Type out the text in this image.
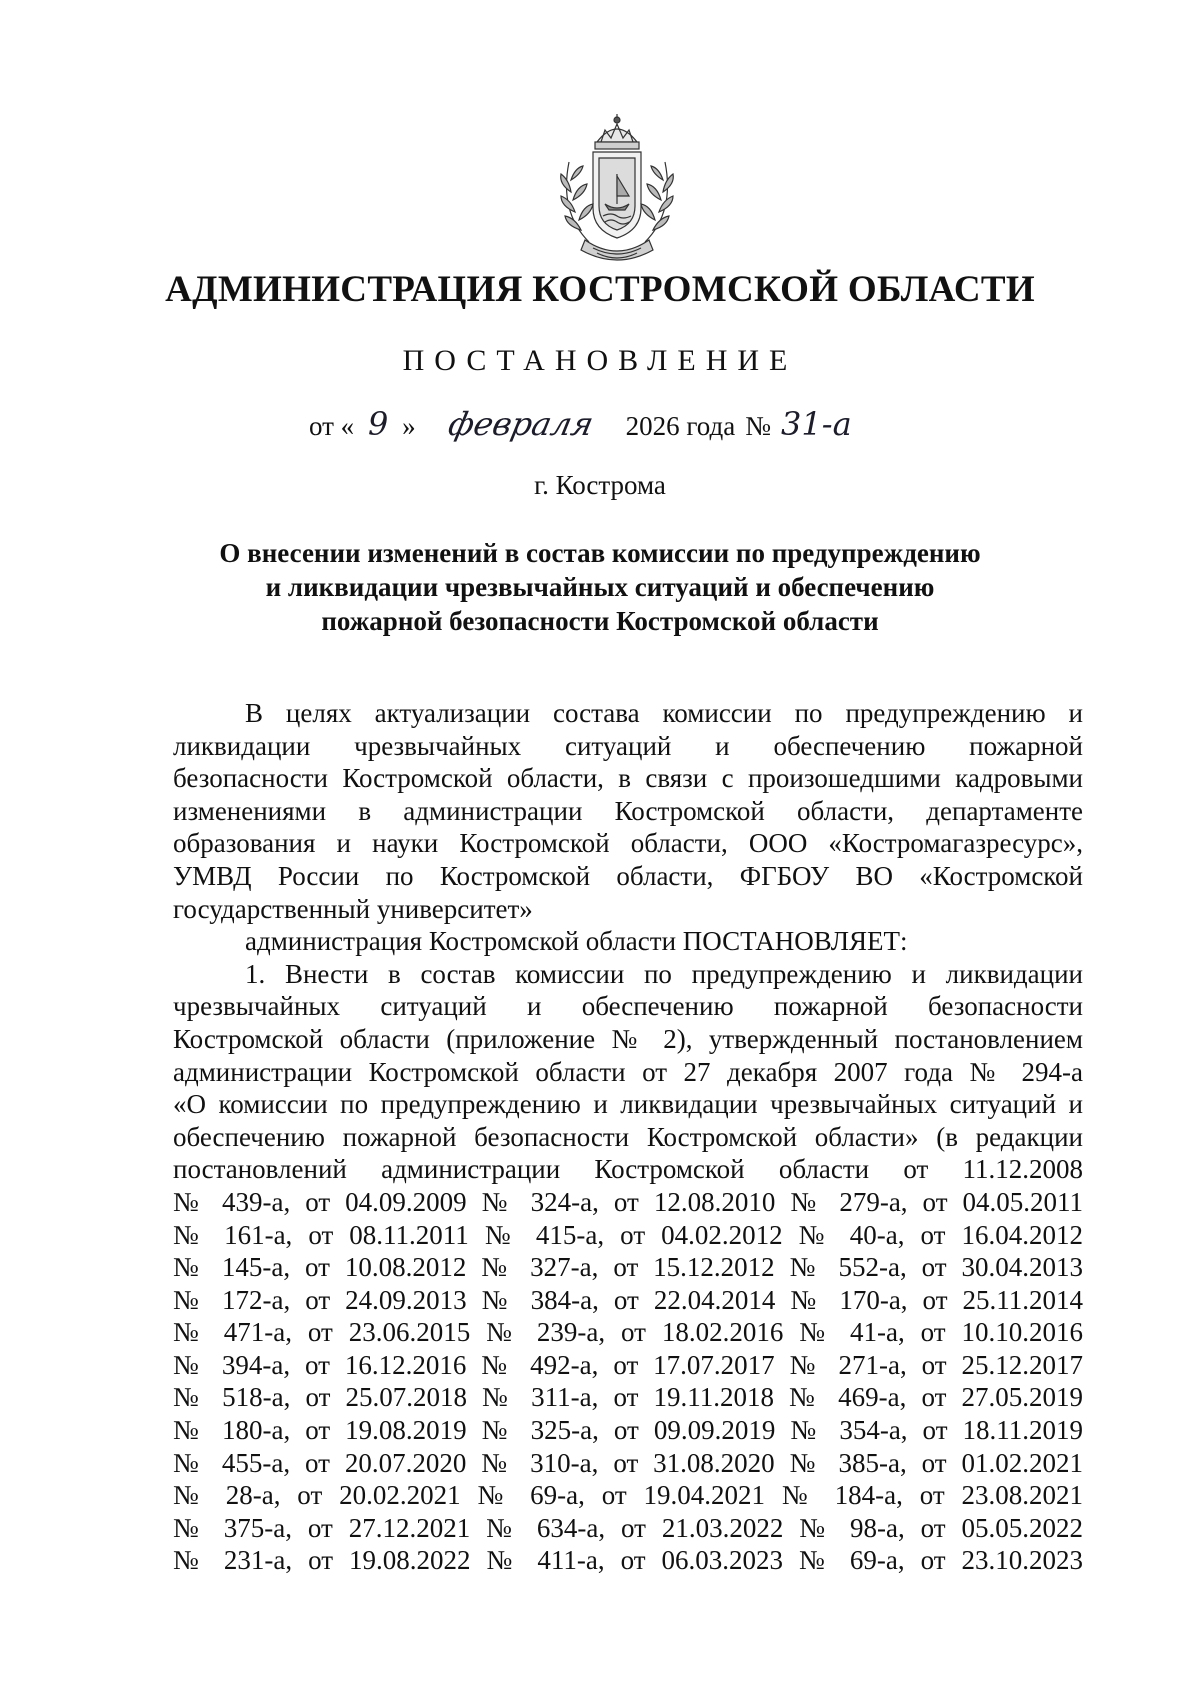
АДМИНИСТРАЦИЯ КОСТРОМСКОЙ ОБЛАСТИ
ПОСТАНОВЛЕНИЕ
от « 9 » февраля 2026 года № 31-а
г. Кострома
О внесении изменений в состав комиссии по предупреждению
и ликвидации чрезвычайных ситуаций и обеспечению
пожарной безопасности Костромской области

В целях актуализации состава комиссии по предупреждению и

ликвидации чрезвычайных ситуаций и обеспечению пожарной

безопасности Костромской области, в связи с произошедшими кадровыми

изменениями в администрации Костромской области, департаменте

образования и науки Костромской области, ООО «Костромагазресурс»,

УМВД России по Костромской области, ФГБОУ ВО «Костромской

государственный университет»

администрация Костромской области ПОСТАНОВЛЯЕТ:

1. Внести в состав комиссии по предупреждению и ликвидации

чрезвычайных ситуаций и обеспечению пожарной безопасности

Костромской области (приложение № 2), утвержденный постановлением

администрации Костромской области от 27 декабря 2007 года № 294-а

«О комиссии по предупреждению и ликвидации чрезвычайных ситуаций и

обеспечению пожарной безопасности Костромской области» (в редакции

постановлений администрации Костромской области от 11.12.2008

№ 439-а, от 04.09.2009 № 324-а, от 12.08.2010 № 279-а, от 04.05.2011

№ 161-а, от 08.11.2011 № 415-а, от 04.02.2012 № 40-а, от 16.04.2012

№ 145-а, от 10.08.2012 № 327-а, от 15.12.2012 № 552-а, от 30.04.2013

№ 172-а, от 24.09.2013 № 384-а, от 22.04.2014 № 170-а, от 25.11.2014

№ 471-а, от 23.06.2015 № 239-а, от 18.02.2016 № 41-а, от 10.10.2016

№ 394-а, от 16.12.2016 № 492-а, от 17.07.2017 № 271-а, от 25.12.2017

№ 518-а, от 25.07.2018 № 311-а, от 19.11.2018 № 469-а, от 27.05.2019

№ 180-а, от 19.08.2019 № 325-а, от 09.09.2019 № 354-а, от 18.11.2019

№ 455-а, от 20.07.2020 № 310-а, от 31.08.2020 № 385-а, от 01.02.2021

№ 28-а, от 20.02.2021 № 69-а, от 19.04.2021 № 184-а, от 23.08.2021

№ 375-а, от 27.12.2021 № 634-а, от 21.03.2022 № 98-а, от 05.05.2022

№ 231-а, от 19.08.2022 № 411-а, от 06.03.2023 № 69-а, от 23.10.2023
